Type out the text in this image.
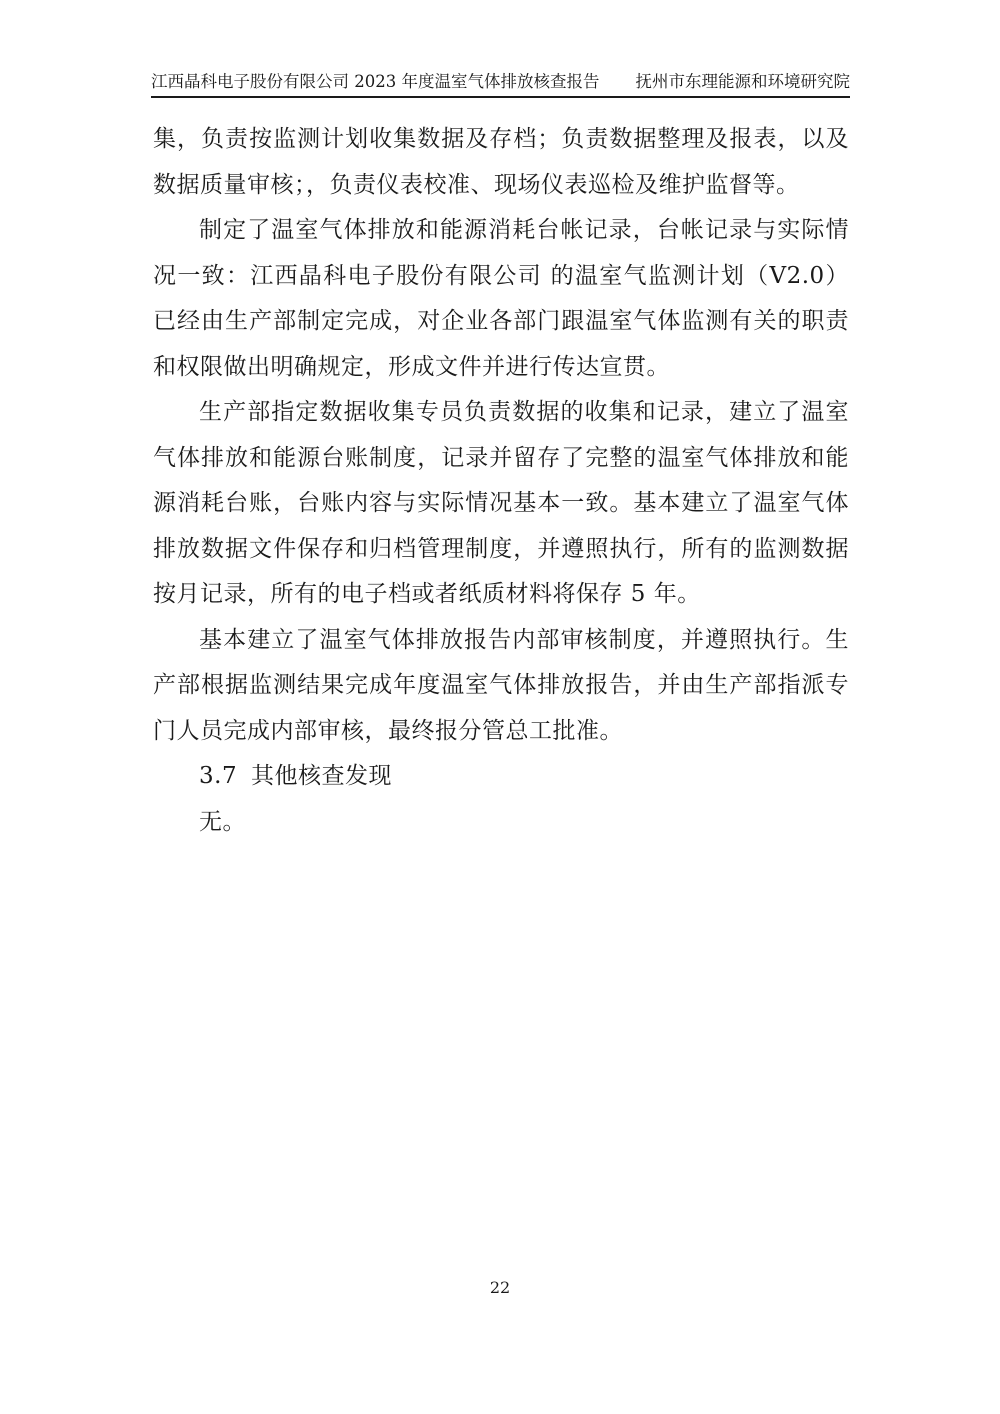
江西晶科电子股份有限公司 2023 年度温室气体排放核查报告 抚州市东理能源和环境研究院

集，负责按监测计划收集数据及存档；负责数据整理及报表，以及数据质量审核；，负责仪表校准、现场仪表巡检及维护监督等。

制定了温室气体排放和能源消耗台帐记录，台帐记录与实际情况一致：江西晶科电子股份有限公司 的温室气监测计划（V2.0）已经由生产部制定完成，对企业各部门跟温室气体监测有关的职责和权限做出明确规定，形成文件并进行传达宣贯。

生产部指定数据收集专员负责数据的收集和记录，建立了温室气体排放和能源台账制度，记录并留存了完整的温室气体排放和能源消耗台账，台账内容与实际情况基本一致。基本建立了温室气体排放数据文件保存和归档管理制度，并遵照执行，所有的监测数据按月记录，所有的电子档或者纸质材料将保存 5 年。

基本建立了温室气体排放报告内部审核制度，并遵照执行。生产部根据监测结果完成年度温室气体排放报告，并由生产部指派专门人员完成内部审核，最终报分管总工批准。

3.7 其他核查发现

无。

22
